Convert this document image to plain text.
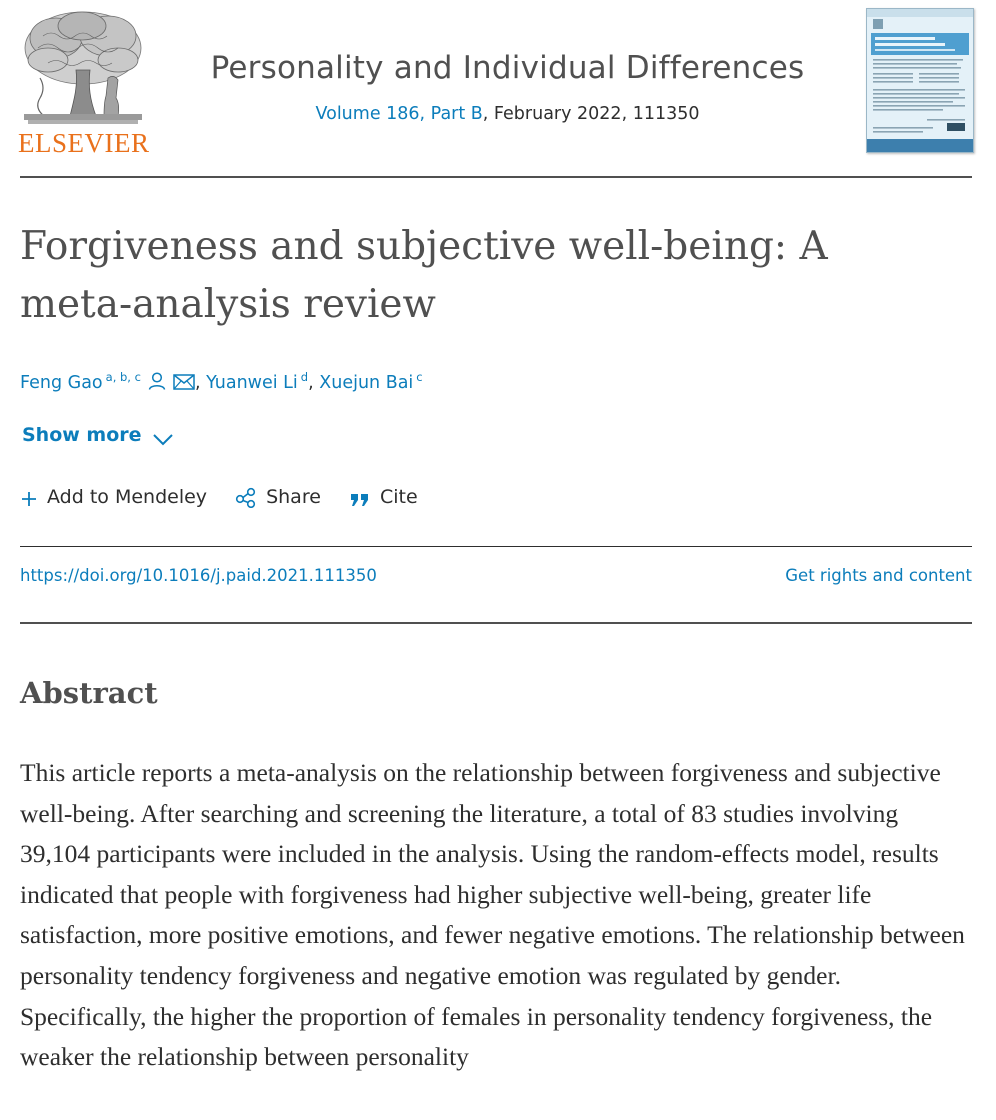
ELSEVIER
Personality and Individual Differences
Volume 186, Part B, February 2022, 111350
Forgiveness and subjective well-being: A meta-analysis review
Feng Gao $^{a, b, c}$	, Yuanwei Li $^d$, Xuejun Bai $^c$
Show more
Add to Mendeley	Share	Cite
https://doi.org/10.1016/j.paid.2021.111350	Get rights and content
Abstract

This article reports a meta-analysis on the relationship between forgiveness and subjective well-being. After searching and screening the literature, a total of 83 studies involving 39,104 participants were included in the analysis. Using the random-effects model, results indicated that people with forgiveness had higher subjective well-being, greater life satisfaction, more positive emotions, and fewer negative emotions. The relationship between personality tendency forgiveness and negative emotion was regulated by gender. Specifically, the higher the proportion of females in personality tendency forgiveness, the weaker the relationship between personality
